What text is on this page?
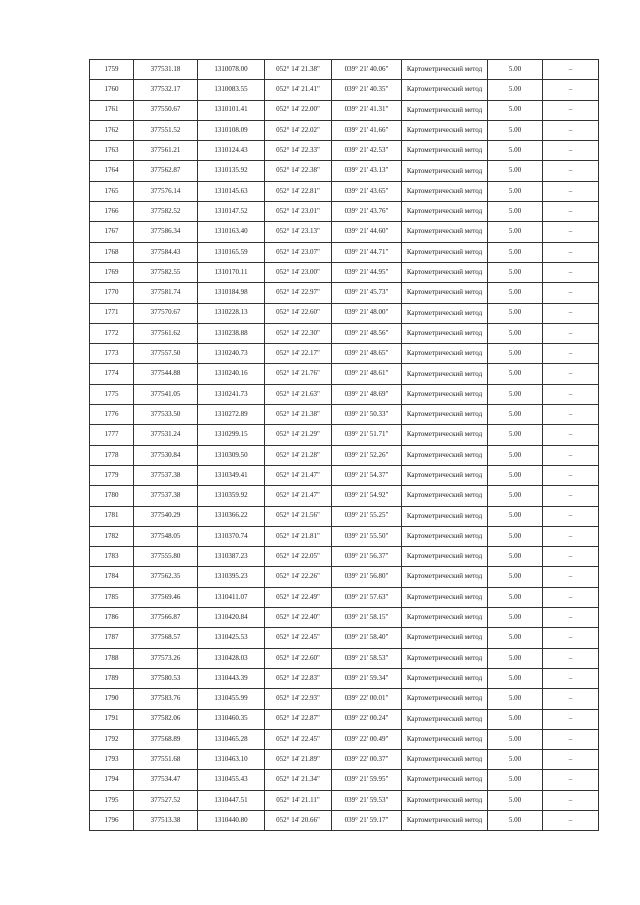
1759	377531.18	1310078.00	052° 14' 21.38"	039° 21' 40.06"	Картометрический метод	5.00	–
1760	377532.17	1310083.55	052° 14' 21.41"	039° 21' 40.35"	Картометрический метод	5.00	–
1761	377550.67	1310101.41	052° 14' 22.00"	039° 21' 41.31"	Картометрический метод	5.00	–
1762	377551.52	1310108.09	052° 14' 22.02"	039° 21' 41.66"	Картометрический метод	5.00	–
1763	377561.21	1310124.43	052° 14' 22.33"	039° 21' 42.53"	Картометрический метод	5.00	–
1764	377562.87	1310135.92	052° 14' 22.38"	039° 21' 43.13"	Картометрический метод	5.00	–
1765	377576.14	1310145.63	052° 14' 22.81"	039° 21' 43.65"	Картометрический метод	5.00	–
1766	377582.52	1310147.52	052° 14' 23.01"	039° 21' 43.76"	Картометрический метод	5.00	–
1767	377586.34	1310163.40	052° 14' 23.13"	039° 21' 44.60"	Картометрический метод	5.00	–
1768	377584.43	1310165.59	052° 14' 23.07"	039° 21' 44.71"	Картометрический метод	5.00	–
1769	377582.55	1310170.11	052° 14' 23.00"	039° 21' 44.95"	Картометрический метод	5.00	–
1770	377581.74	1310184.98	052° 14' 22.97"	039° 21' 45.73"	Картометрический метод	5.00	–
1771	377570.67	1310228.13	052° 14' 22.60"	039° 21' 48.00"	Картометрический метод	5.00	–
1772	377561.62	1310238.88	052° 14' 22.30"	039° 21' 48.56"	Картометрический метод	5.00	–
1773	377557.50	1310240.73	052° 14' 22.17"	039° 21' 48.65"	Картометрический метод	5.00	–
1774	377544.88	1310240.16	052° 14' 21.76"	039° 21' 48.61"	Картометрический метод	5.00	–
1775	377541.05	1310241.73	052° 14' 21.63"	039° 21' 48.69"	Картометрический метод	5.00	–
1776	377533.50	1310272.89	052° 14' 21.38"	039° 21' 50.33"	Картометрический метод	5.00	–
1777	377531.24	1310299.15	052° 14' 21.29"	039° 21' 51.71"	Картометрический метод	5.00	–
1778	377530.84	1310309.50	052° 14' 21.28"	039° 21' 52.26"	Картометрический метод	5.00	–
1779	377537.38	1310349.41	052° 14' 21.47"	039° 21' 54.37"	Картометрический метод	5.00	–
1780	377537.38	1310359.92	052° 14' 21.47"	039° 21' 54.92"	Картометрический метод	5.00	–
1781	377540.29	1310366.22	052° 14' 21.56"	039° 21' 55.25"	Картометрический метод	5.00	–
1782	377548.05	1310370.74	052° 14' 21.81"	039° 21' 55.50"	Картометрический метод	5.00	–
1783	377555.80	1310387.23	052° 14' 22.05"	039° 21' 56.37"	Картометрический метод	5.00	–
1784	377562.35	1310395.23	052° 14' 22.26"	039° 21' 56.80"	Картометрический метод	5.00	–
1785	377569.46	1310411.07	052° 14' 22.49"	039° 21' 57.63"	Картометрический метод	5.00	–
1786	377566.87	1310420.84	052° 14' 22.40"	039° 21' 58.15"	Картометрический метод	5.00	–
1787	377568.57	1310425.53	052° 14' 22.45"	039° 21' 58.40"	Картометрический метод	5.00	–
1788	377573.26	1310428.03	052° 14' 22.60"	039° 21' 58.53"	Картометрический метод	5.00	–
1789	377580.53	1310443.39	052° 14' 22.83"	039° 21' 59.34"	Картометрический метод	5.00	–
1790	377583.76	1310455.99	052° 14' 22.93"	039° 22' 00.01"	Картометрический метод	5.00	–
1791	377582.06	1310460.35	052° 14' 22.87"	039° 22' 00.24"	Картометрический метод	5.00	–
1792	377568.89	1310465.28	052° 14' 22.45"	039° 22' 00.49"	Картометрический метод	5.00	–
1793	377551.68	1310463.10	052° 14' 21.89"	039° 22' 00.37"	Картометрический метод	5.00	–
1794	377534.47	1310455.43	052° 14' 21.34"	039° 21' 59.95"	Картометрический метод	5.00	–
1795	377527.52	1310447.51	052° 14' 21.11"	039° 21' 59.53"	Картометрический метод	5.00	–
1796	377513.38	1310440.80	052° 14' 20.66"	039° 21' 59.17"	Картометрический метод	5.00	–
